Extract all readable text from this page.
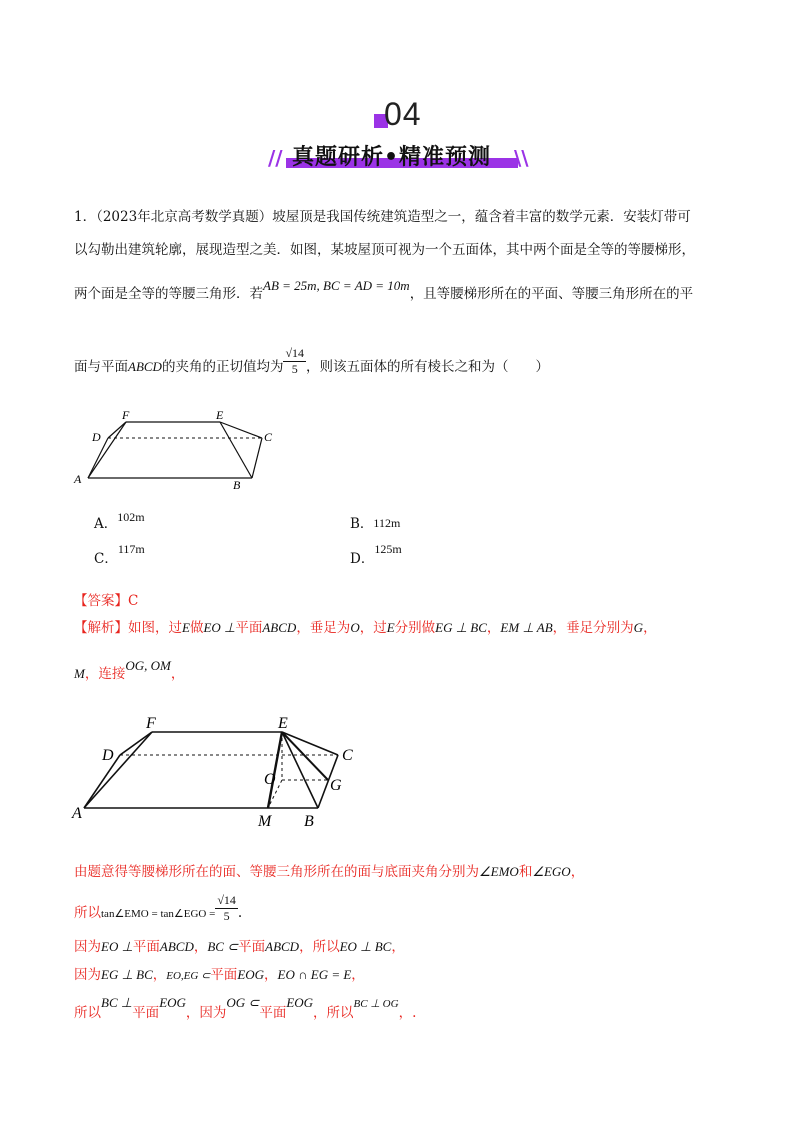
04
// 真题研析•精准预测 \\
1．（2023年北京高考数学真题）坡屋顶是我国传统建筑造型之一，蕴含着丰富的数学元素．安装灯带可
以勾勒出建筑轮廓，展现造型之美．如图，某坡屋顶可视为一个五面体，其中两个面是全等的等腰梯形，
两个面是全等的等腰三角形．若AB = 25m, BC = AD = 10m，且等腰梯形所在的平面、等腰三角形所在的平
面与平面ABCD的夹角的正切值均为 $\frac{√14}{5}$ ，则该五面体的所有棱长之和为（　　）
F	E
D	C
A	B
A．102m	B．112m
C．117m
D．125m
【答案】C
【解析】如图，过E做EO ⊥平面ABCD，垂足为O，过E分别做EG ⊥ BC，EM ⊥ AB，垂足分别为G，
M，连接OG, OM，
F	E
D	C
O	G
A	M B
由题意得等腰梯形所在的面、等腰三角形所在的面与底面夹角分别为∠EMO和∠EGO，
所以tan∠EMO = tan∠EGO = $\frac{√14}{5}$ .
因为EO ⊥平面ABCD，BC ⊂平面ABCD，所以EO ⊥ BC，
因为EG ⊥ BC，EO,EG ⊂平面EOG，EO ∩ EG = E，
所以BC ⊥平面EOG，因为OG ⊂平面EOG，所以$^{BC \perp OG}$，.
